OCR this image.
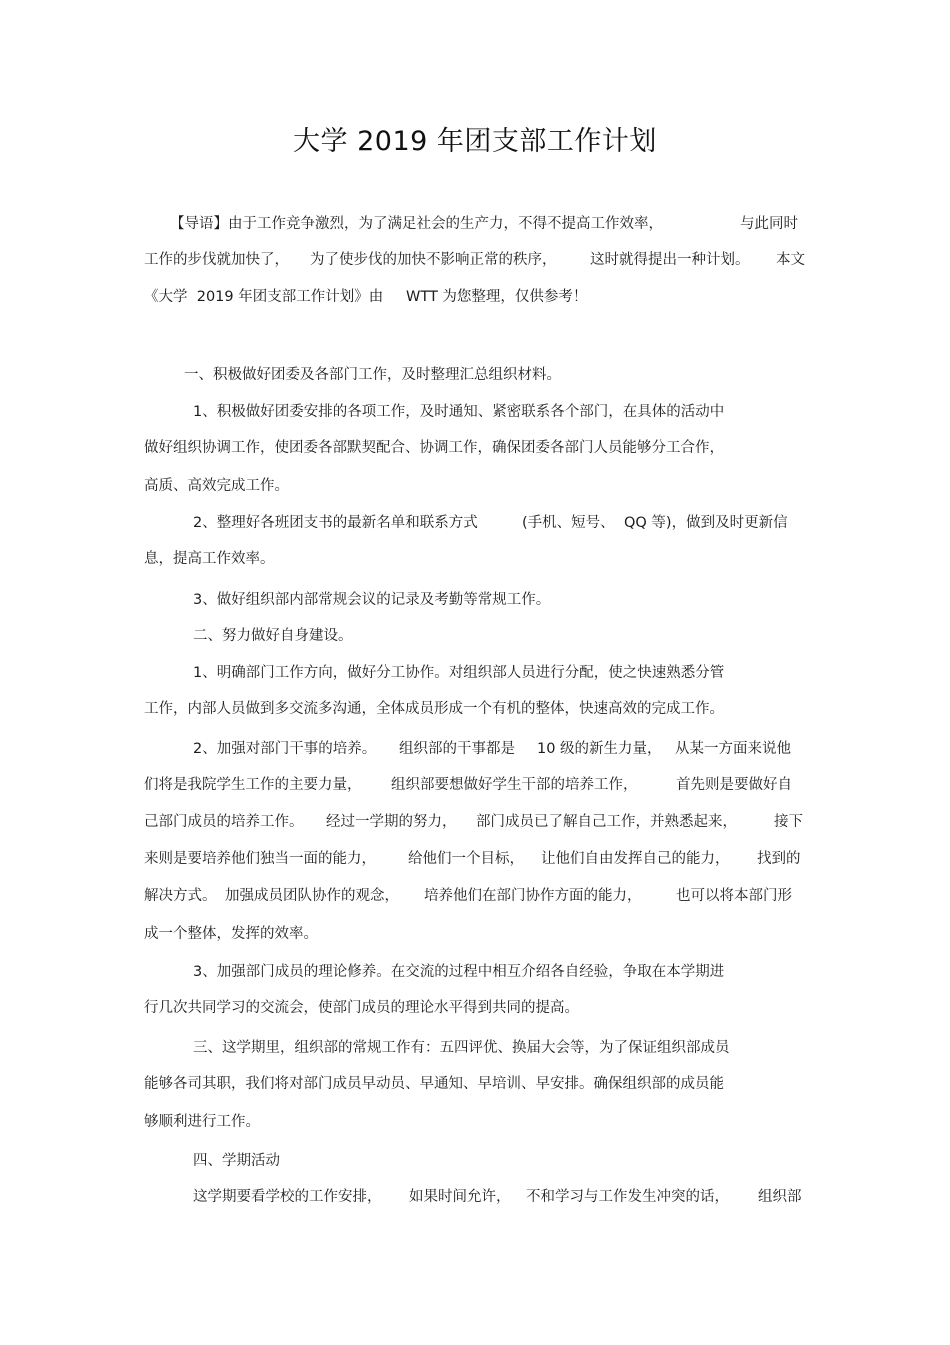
大学 2019 年团支部工作计划
【导语】由于工作竞争激烈，为了满足社会的生产力，不得不提高工作效率，	与此同时
工作的步伐就加快了， 为了使步伐的加快不影响正常的秩序， 这时就得提出一种计划。 本文
《大学  2019 年团支部工作计划》由 WTT 为您整理，仅供参考！
一、积极做好团委及各部门工作，及时整理汇总组织材料。
1、积极做好团委安排的各项工作，及时通知、紧密联系各个部门，在具体的活动中
做好组织协调工作，使团委各部默契配合、协调工作，确保团委各部门人员能够分工合作，
高质、高效完成工作。
2、整理好各班团支书的最新名单和联系方式	(手机、短号、 QQ 等)，做到及时更新信
息，提高工作效率。
3、做好组织部内部常规会议的记录及考勤等常规工作。
二、努力做好自身建设。
1、明确部门工作方向，做好分工协作。对组织部人员进行分配，使之快速熟悉分管
工作，内部人员做到多交流多沟通，全体成员形成一个有机的整体，快速高效的完成工作。
2、加强对部门干事的培养。 组织部的干事都是 10 级的新生力量， 从某一方面来说他
们将是我院学生工作的主要力量， 组织部要想做好学生干部的培养工作，	首先则是要做好自
己部门成员的培养工作。 经过一学期的努力， 部门成员已了解自己工作，并熟悉起来，	接下
来则是要培养他们独当一面的能力， 给他们一个目标， 让他们自由发挥自己的能力， 找到的
解决方式。 加强成员团队协作的观念， 培养他们在部门协作方面的能力， 也可以将本部门形
成一个整体，发挥的效率。
3、加强部门成员的理论修养。在交流的过程中相互介绍各自经验，争取在本学期进
行几次共同学习的交流会，使部门成员的理论水平得到共同的提高。
三、这学期里，组织部的常规工作有：五四评优、换届大会等，为了保证组织部成员
能够各司其职，我们将对部门成员早动员、早通知、早培训、早安排。确保组织部的成员能
够顺利进行工作。
四、学期活动
这学期要看学校的工作安排， 如果时间允许， 不和学习与工作发生冲突的话， 组织部
